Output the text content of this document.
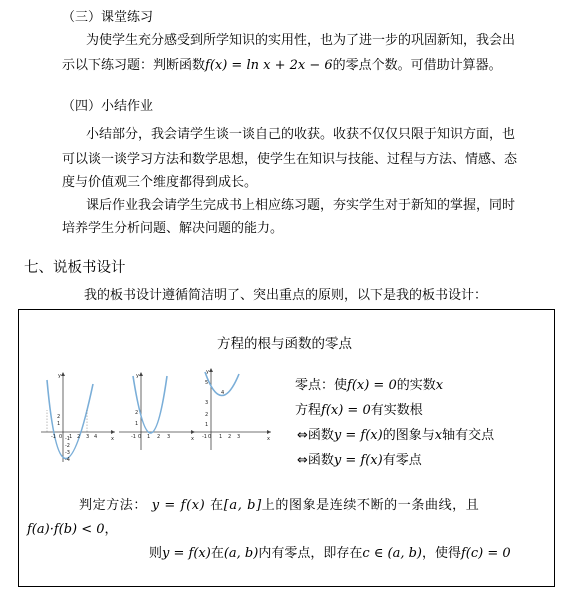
（三）课堂练习
为使学生充分感受到所学知识的实用性，也为了进一步的巩固新知，我会出
示以下练习题：判断函数f(x) = ln x + 2x − 6的零点个数。可借助计算器。
（四）小结作业
小结部分，我会请学生谈一谈自己的收获。收获不仅仅只限于知识方面，也
可以谈一谈学习方法和数学思想，使学生在知识与技能、过程与方法、情感、态
度与价值观三个维度都得到成长。
课后作业我会请学生完成书上相应练习题，夯实学生对于新知的掌握，同时
培养学生分析问题、解决问题的能力。
七、说板书设计
我的板书设计遵循简洁明了、突出重点的原则，以下是我的板书设计：
方程的根与函数的零点
y
x
-1 0 1 2 3 4
2
1
-1
-2
-3
-4
y
x
-1 0 1 2 3
1
2
y
x
-1 0 1 2 3
5
4
3
2
1
零点：使f(x) = 0的实数x
方程f(x) = 0有实数根
⇔函数y = f(x)的图象与x轴有交点
⇔函数y = f(x)有零点
判定方法： y = f(x) 在[a, b]上的图象是连续不断的一条曲线，且
f(a)·f(b) < 0，
则y = f(x)在(a, b)内有零点，即存在c ∈ (a, b)，使得f(c) = 0
